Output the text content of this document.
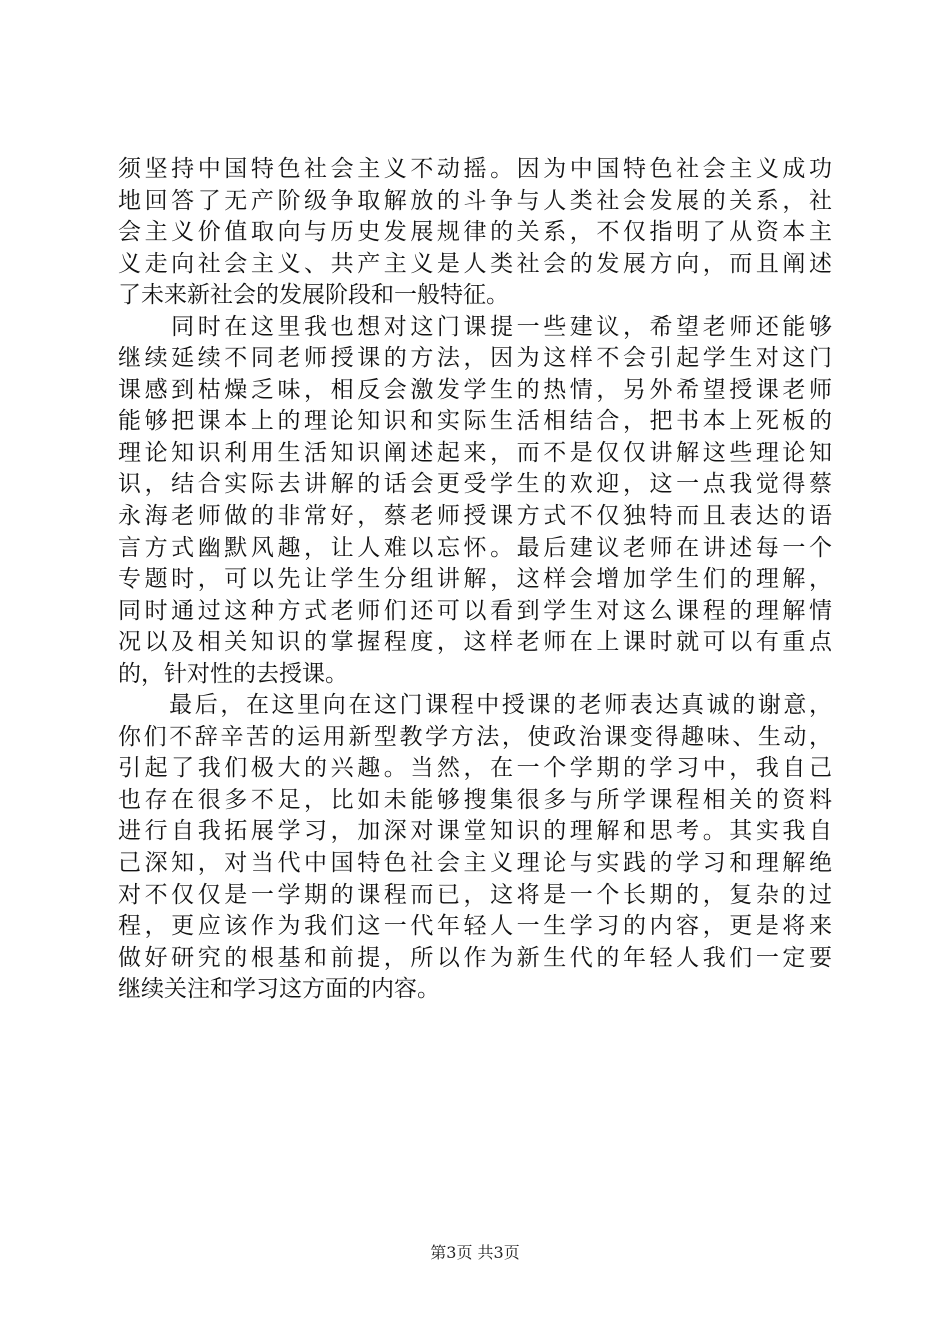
须坚持中国特色社会主义不动摇。因为中国特色社会主义成功
地回答了无产阶级争取解放的斗争与人类社会发展的关系，社
会主义价值取向与历史发展规律的关系，不仅指明了从资本主
义走向社会主义、共产主义是人类社会的发展方向，而且阐述
了未来新社会的发展阶段和一般特征。
　　同时在这里我也想对这门课提一些建议，希望老师还能够
继续延续不同老师授课的方法，因为这样不会引起学生对这门
课感到枯燥乏味，相反会激发学生的热情，另外希望授课老师
能够把课本上的理论知识和实际生活相结合，把书本上死板的
理论知识利用生活知识阐述起来，而不是仅仅讲解这些理论知
识，结合实际去讲解的话会更受学生的欢迎，这一点我觉得蔡
永海老师做的非常好，蔡老师授课方式不仅独特而且表达的语
言方式幽默风趣，让人难以忘怀。最后建议老师在讲述每一个
专题时，可以先让学生分组讲解，这样会增加学生们的理解，
同时通过这种方式老师们还可以看到学生对这么课程的理解情
况以及相关知识的掌握程度，这样老师在上课时就可以有重点
的，针对性的去授课。
　　最后，在这里向在这门课程中授课的老师表达真诚的谢意，
你们不辞辛苦的运用新型教学方法，使政治课变得趣味、生动，
引起了我们极大的兴趣。当然，在一个学期的学习中，我自己
也存在很多不足，比如未能够搜集很多与所学课程相关的资料
进行自我拓展学习，加深对课堂知识的理解和思考。其实我自
己深知，对当代中国特色社会主义理论与实践的学习和理解绝
对不仅仅是一学期的课程而已，这将是一个长期的，复杂的过
程，更应该作为我们这一代年轻人一生学习的内容，更是将来
做好研究的根基和前提，所以作为新生代的年轻人我们一定要
继续关注和学习这方面的内容。
第3页 共3页
